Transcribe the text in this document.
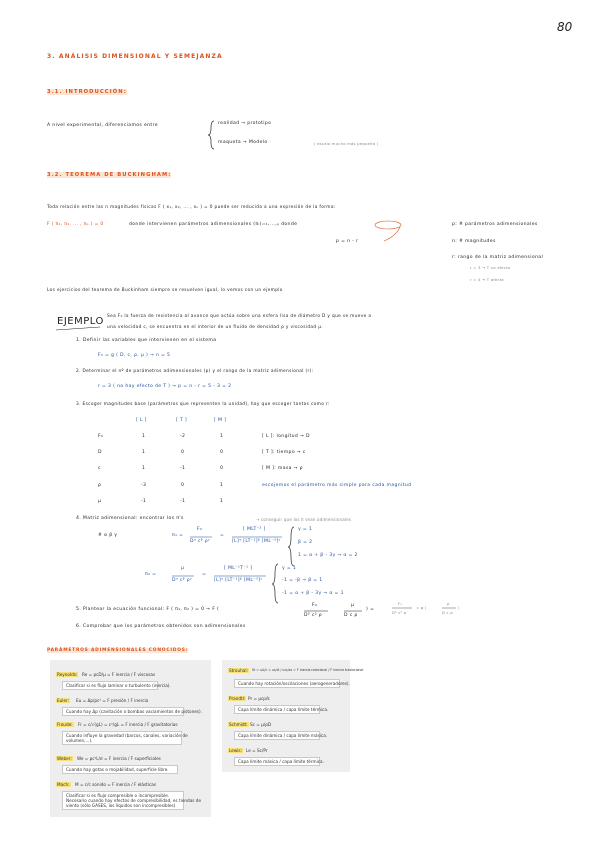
80
3. ANÁLISIS DIMENSIONAL Y SEMEJANZA
3.1. INTRODUCCIÓN:
A nivel experimental, diferenciamos entre	realidad → prototipo
maqueta → Modelo	( escala mucho más pequeña )
3.2. TEOREMA DE BUCKINGHAM:
Toda relación entre las n magnitudes físicas F ( x₁, x₂, ... , xₙ ) = 0 puede ser reducida a una expresión de la forma:
F ( π₁, π₂, ... , πₚ ) = 0	donde intervienen parámetros adimensionales (πᵢ)ᵢ₌₁,...,ₚ donde
p = n - r
p: # parámetros adimensionales
n: # magnitudes
r: rango de la matriz adimensional
r = 3 → T no afecta
r = 4 → T afecta
Los ejercicios del teorema de Buckinham siempre se resuelven igual, lo vemos con un ejemplo
EJEMPLO Sea F₀ la fuerza de resistencia al avance que actúa sobre una esfera lisa de diámetro D y que se mueve a
una velocidad c, se encuentra en el interior de un fluido de densidad ρ y viscosidad μ.
1. Definir las variables que intervienen en el sistema
F₀ = g ( D, c, ρ, μ ) → n = 5
2. Determinar el nº de parámetros adimensionales (p) y el rango de la matriz adimensional (r):
r = 3 ( no hay efecto de T ) → p = n - r = 5 - 3 = 2
3. Escoger magnitudes base (parámetros que representen la unidad), hay que escoger tantas como r:
[ L ]	[ T ]	[ M ]
F₀	1	-2	1
D	1	0	0
c	1	-1	0
ρ	-3	0	1
μ	-1	-1	1
[ L ]: longitud → D
[ T ]: tiempo → c
[ M ]: masa → ρ
escojemos el parámetro más simple para cada magnitud
4. Matriz adimensional: encontrar los π's	→ conseguir que los π sean adimensionales
# α β γ	π₁ =
F₀
Dᵅ cᵝ ρᵞ
=
[ MLT⁻² ]
[L]ᵅ [LT⁻¹]ᵝ [ML⁻³]ᵞ
γ = 1
β = 2
1 = α + β - 3γ → α = 2
π₂ =
μ
Dᵅ cᵝ ρᵞ
=
[ ML⁻¹T⁻¹ ]
[L]ᵅ [LT⁻¹]ᵝ [ML⁻³]ᵞ
γ = 1
-1 = -β → β = 1
-1 = α + β - 3γ → α = 1
5. Plantear la ecuación funcional: F ( π₁, π₂ ) = 0 → F (
F₀
D² c² ρ
μ
D c ρ
) =
F₀
D² c² ρ
= φ (
μ
D c ρ
)
6. Comprobar que los parámetros obtenidos son adimensionales
PARÁMETROS ADIMENSIONALES CONOCIDOS:
Reynolds: Re = ρcD/μ = F inercia / F viscosas
Clasificar si es flujo laminar o turbulento (inercia).
Euler: Eu = Δp/ρc² = F presión / F inercia
Cuando hay Δp (cavitación o bombas vaciamientos de pistones).
Froude: Fr = c/√(gL) = c²/gL = F inercia / F gravitatorias
Cuando influye la gravedad (barcos, canales, variación de
volumen,...).
Weber: We = ρc²L/σ = F inercia / F superficiales
Cuando hay gotas o mojabilidad, superficie libre.
Mach: M = c/c sonido = F inercia / F elásticas
Clasificar si es flujo compresible o incompresible.
Necesario cuando hay efectos de compresibilidad, es tiendas de
viento (sólo GASES, los líquidos son incompresibles)
Strouhal:	St = ωL/c = ∂c/∂t / c∂c/∂x = F inercia rotacional / F inercia traslacional
Cuando hay rotación/oscilaciones (aerogeneradores).
Prandtl: Pr = μcp/k
Capa límite dinámica / capa límite térmica.
Schmidt: Sc = μ/ρD
Capa límite dinámica / capa límite másica.
Lewis: Le = Sc/Pr
Capa límite másica / capa límite térmica.
